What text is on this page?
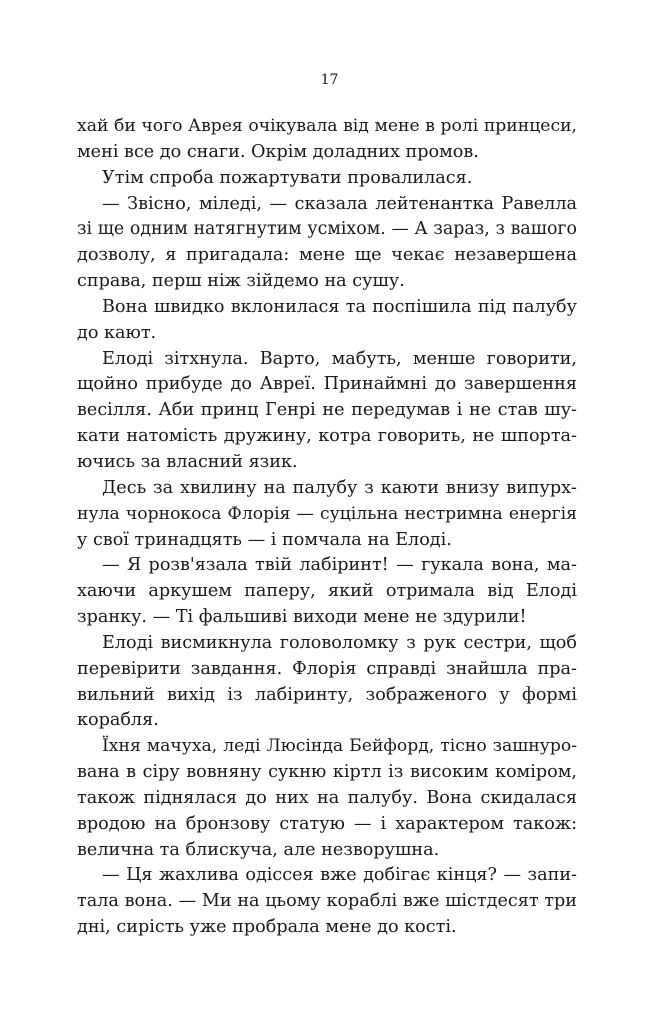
17
хай би чого Аврея очікувала від мене в ролі принцеси,
мені все до снаги. Окрім доладних промов.
Утім спроба пожартувати провалилася.
— Звісно, міледі, — сказала лейтенантка Равелла
зі ще одним натягнутим усміхом. — А зараз, з вашого
дозволу, я пригадала: мене ще чекає незавершена
справа, перш ніж зійдемо на сушу.
Вона швидко вклонилася та поспішила під палубу
до кают.
Елоді зітхнула. Варто, мабуть, менше говорити,
щойно прибуде до Авреї. Принаймні до завершення
весілля. Аби принц Генрі не передумав і не став шу-
кати натомість дружину, котра говорить, не шпорта-
ючись за власний язик.
Десь за хвилину на палубу з каюти внизу випурх-
нула чорнокоса Флорія — суцільна нестримна енергія
у свої тринадцять — і помчала на Елоді.
— Я розв'язала твій лабіринт! — гукала вона, ма-
хаючи аркушем паперу, який отримала від Елоді
зранку. — Ті фальшиві виходи мене не здурили!
Елоді висмикнула головоломку з рук сестри, щоб
перевірити завдання. Флорія справді знайшла пра-
вильний вихід із лабіринту, зображеного у формі
корабля.
Їхня мачуха, леді Люсінда Бейфорд, тісно зашнуро-
вана в сіру вовняну сукню кіртл із високим коміром,
також піднялася до них на палубу. Вона скидалася
вродою на бронзову статую — і характером також:
велична та блискуча, але незворушна.
— Ця жахлива одіссея вже добігає кінця? — запи-
тала вона. — Ми на цьому кораблі вже шістдесят три
дні, сирість уже пробрала мене до кості.
